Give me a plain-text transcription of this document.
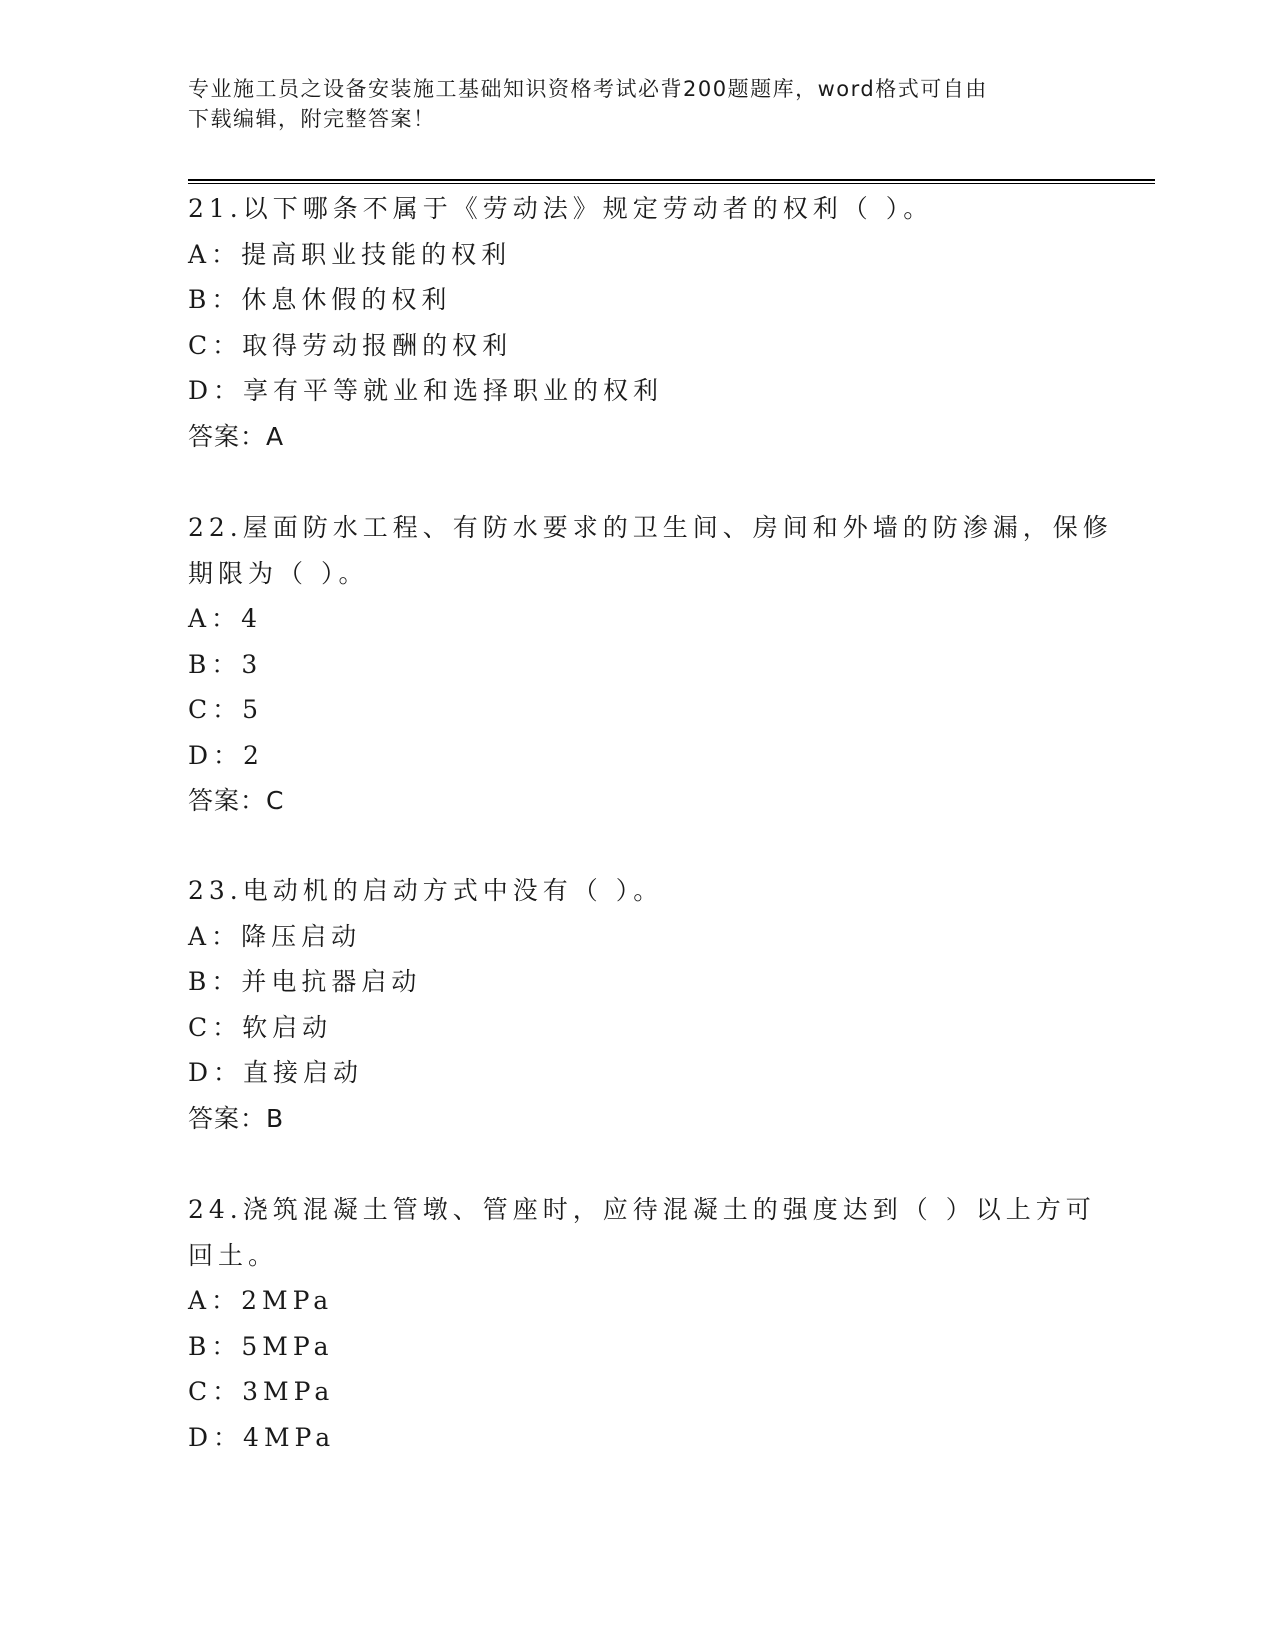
专业施工员之设备安装施工基础知识资格考试必背200题题库，word格式可自由
下载编辑，附完整答案！
21.以下哪条不属于《劳动法》规定劳动者的权利（ ）。
A：提高职业技能的权利
B：休息休假的权利
C：取得劳动报酬的权利
D：享有平等就业和选择职业的权利
答案：A
22.屋面防水工程、有防水要求的卫生间、房间和外墙的防渗漏，保修
期限为（ ）。
A：4
B：3
C：5
D：2
答案：C
23.电动机的启动方式中没有（ ）。
A：降压启动
B：并电抗器启动
C：软启动
D：直接启动
答案：B
24.浇筑混凝土管墩、管座时，应待混凝土的强度达到（ ）以上方可
回土。
A：2MPa
B：5MPa
C：3MPa
D：4MPa
